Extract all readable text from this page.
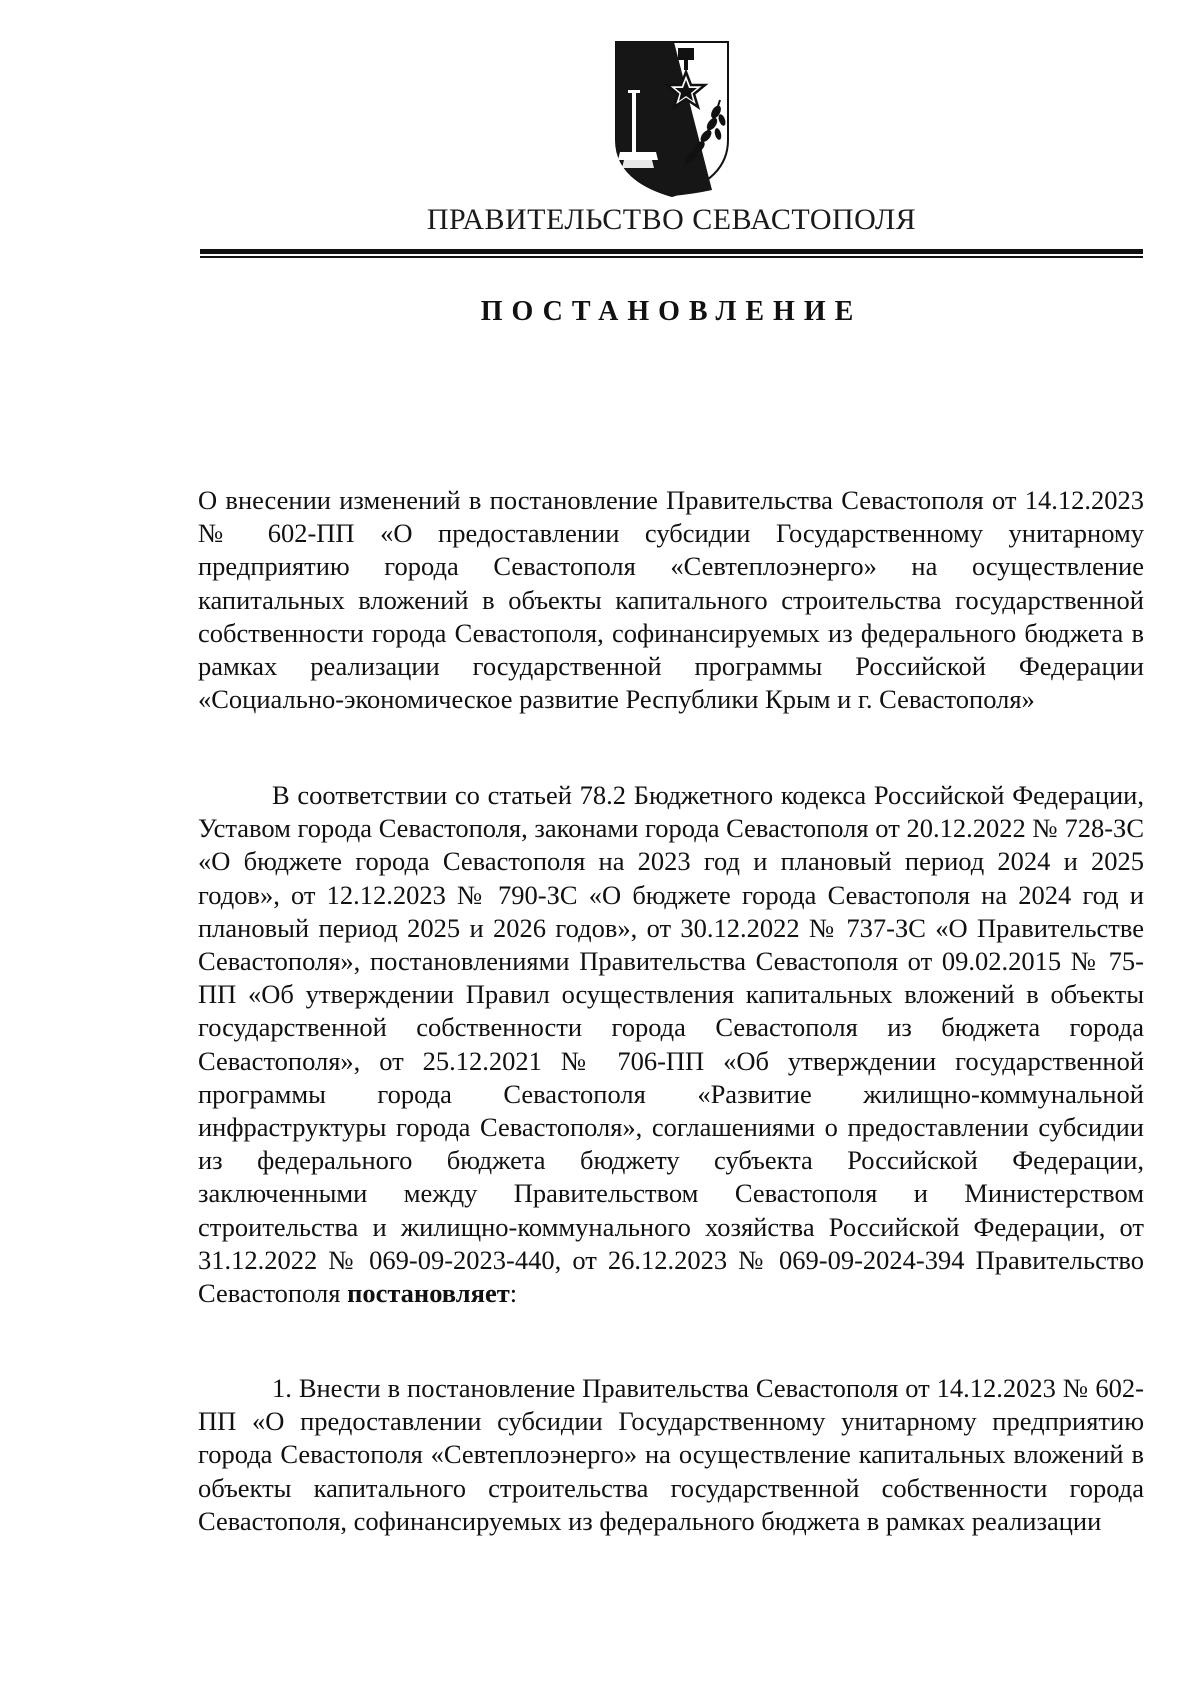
ПРАВИТЕЛЬСТВО СЕВАСТОПОЛЯ
ПОСТАНОВЛЕНИЕ

О внесении изменений в постановление Правительства Севастополя от 14.12.2023 № 602-ПП «О предоставлении субсидии Государственному унитарному предприятию города Севастополя «Севтеплоэнерго» на осуществление капитальных вложений в объекты капитального строительства государственной собственности города Севастополя, софинансируемых из федерального бюджета в рамках реализации государственной программы Российской Федерации «Социально-экономическое развитие Республики Крым и г. Севастополя»

В соответствии со статьей 78.2 Бюджетного кодекса Российской Федерации, Уставом города Севастополя, законами города Севастополя от 20.12.2022 № 728-ЗС «О бюджете города Севастополя на 2023 год и плановый период 2024 и 2025 годов», от 12.12.2023 № 790-ЗС «О бюджете города Севастополя на 2024 год и плановый период 2025 и 2026 годов», от 30.12.2022 № 737-ЗС «О Правительстве Севастополя», постановлениями Правительства Севастополя от 09.02.2015 № 75-ПП «Об утверждении Правил осуществления капитальных вложений в объекты государственной собственности города Севастополя из бюджета города Севастополя», от 25.12.2021 № 706-ПП «Об утверждении государственной программы города Севастополя «Развитие жилищно-коммунальной инфраструктуры города Севастополя», соглашениями о предоставлении субсидии из федерального бюджета бюджету субъекта Российской Федерации, заключенными между Правительством Севастополя и Министерством строительства и жилищно-коммунального хозяйства Российской Федерации, от 31.12.2022 № 069-09-2023-440, от 26.12.2023 № 069-09-2024-394 Правительство Севастополя постановляет:

1. Внести в постановление Правительства Севастополя от 14.12.2023 № 602-ПП «О предоставлении субсидии Государственному унитарному предприятию города Севастополя «Севтеплоэнерго» на осуществление капитальных вложений в объекты капитального строительства государственной собственности города Севастополя, софинансируемых из федерального бюджета в рамках реализации
